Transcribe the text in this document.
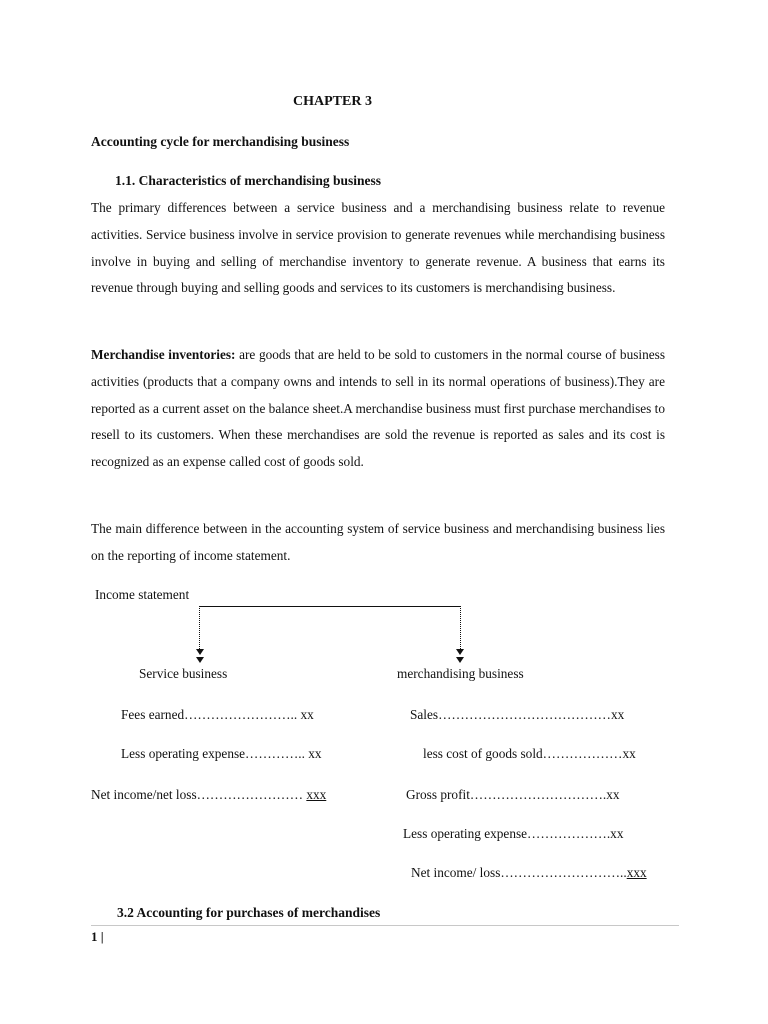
CHAPTER 3
Accounting cycle for merchandising business
1.1. Characteristics of merchandising business

The primary differences between a service business and a merchandising business relate to revenue activities. Service business involve in service provision to generate revenues while merchandising business involve in buying and selling of merchandise inventory to generate revenue. A business that earns its revenue through buying and selling goods and services to its customers is merchandising business.

Merchandise inventories: are goods that are held to be sold to customers in the normal course of business activities (products that a company owns and intends to sell in its normal operations of business).They are reported as a current asset on the balance sheet.A merchandise business must first purchase merchandises to resell to its customers. When these merchandises are sold the revenue is reported as sales and its cost is recognized as an expense called cost of goods sold.

The main difference between in the accounting system of service business and merchandising business lies on the reporting of income statement.

Income statement
Service business	merchandising business
Fees earned…………………….. xx
Less operating expense………….. xx
Net income/net loss…………………… xxx
Sales…………………………………xx
less cost of goods sold………………xx
Gross profit………………………….xx
Less operating expense……………….xx
Net income/ loss………………………..xxx
3.2 Accounting for purchases of merchandises
1 |
